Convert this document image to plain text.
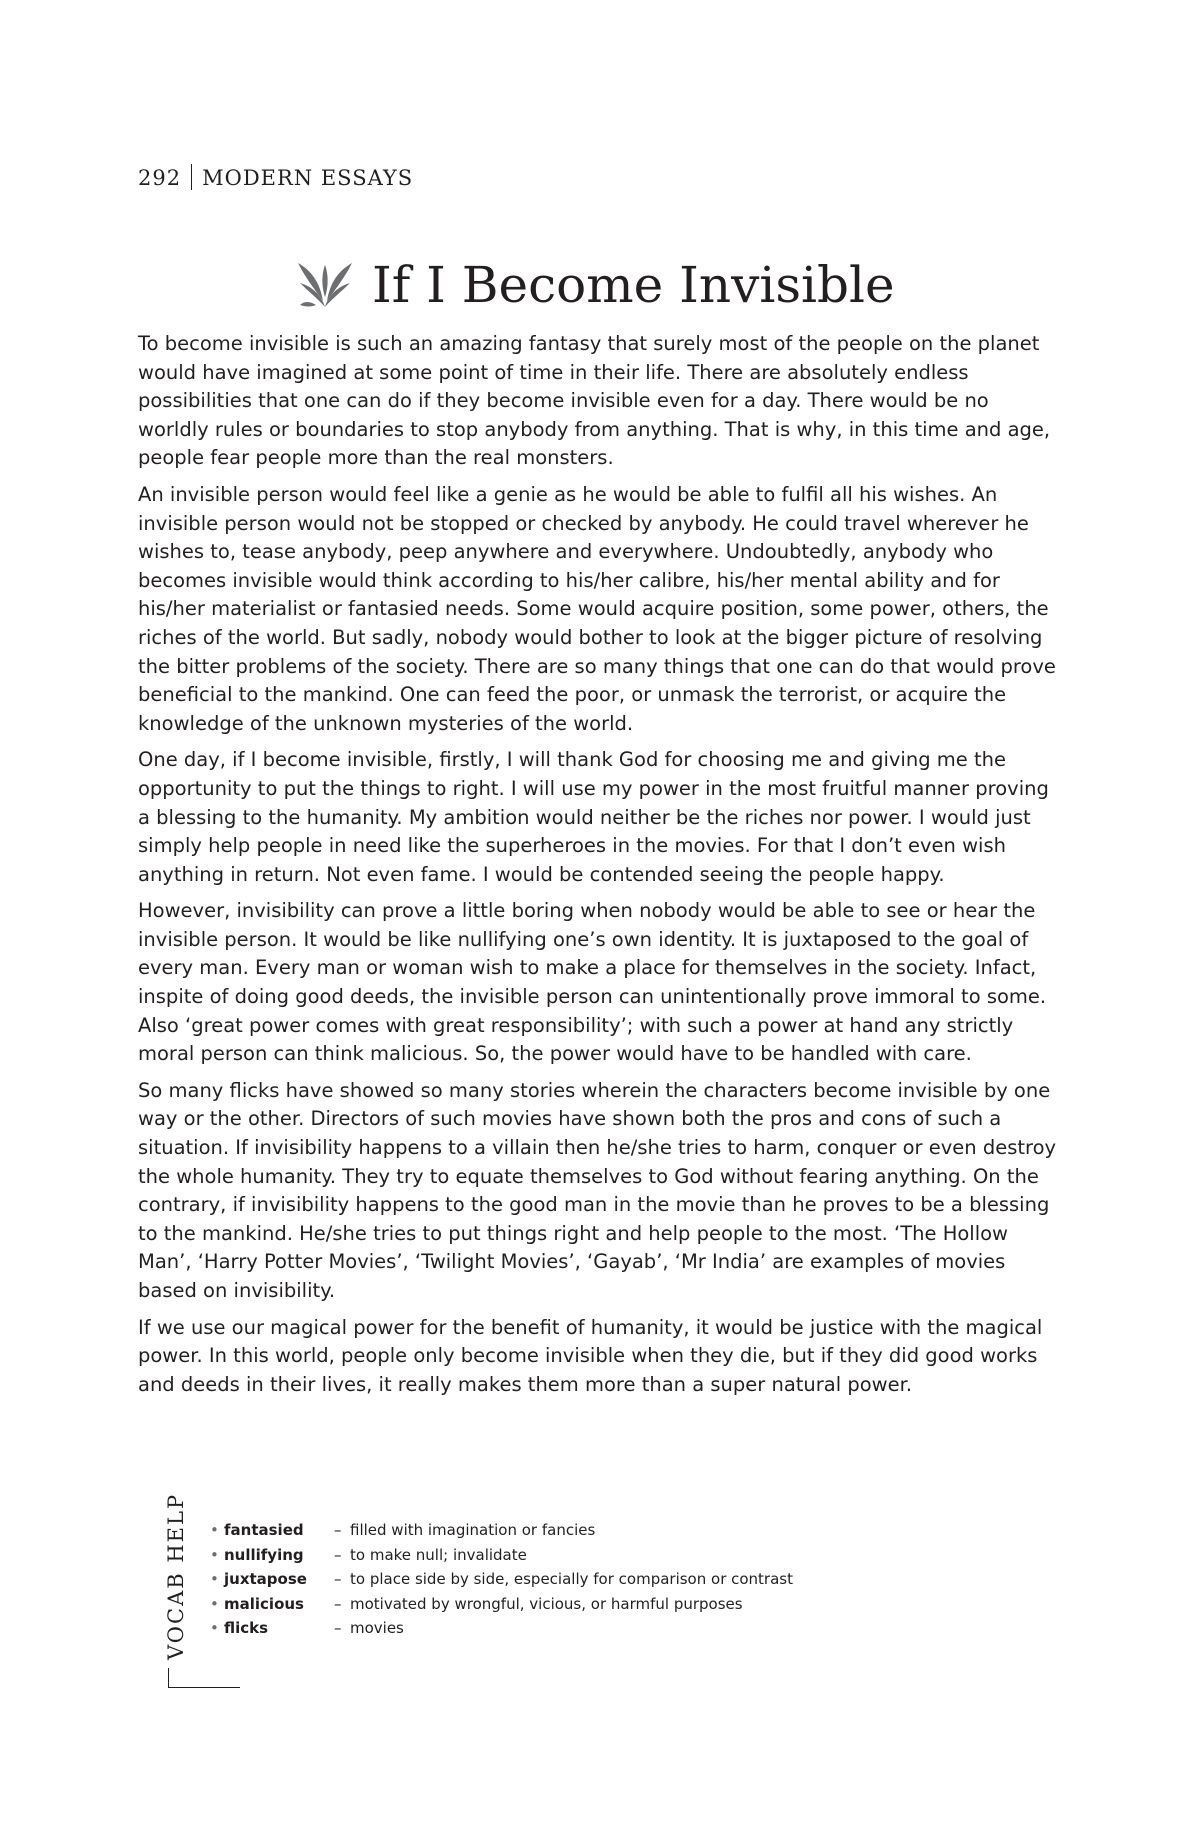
292 MODERN ESSAYS
If I Become Invisible

To become invisible is such an amazing fantasy that surely most of the people on the planet would have imagined at some point of time in their life. There are absolutely endless possibilities that one can do if they become invisible even for a day. There would be no worldly rules or boundaries to stop anybody from anything. That is why, in this time and age, people fear people more than the real monsters.

An invisible person would feel like a genie as he would be able to fulfil all his wishes. An invisible person would not be stopped or checked by anybody. He could travel wherever he wishes to, tease anybody, peep anywhere and everywhere. Undoubtedly, anybody who becomes invisible would think according to his/her calibre, his/her mental ability and for his/her materialist or fantasied needs. Some would acquire position, some power, others, the riches of the world. But sadly, nobody would bother to look at the bigger picture of resolving the bitter problems of the society. There are so many things that one can do that would prove beneficial to the mankind. One can feed the poor, or unmask the terrorist, or acquire the knowledge of the unknown mysteries of the world.

One day, if I become invisible, firstly, I will thank God for choosing me and giving me the opportunity to put the things to right. I will use my power in the most fruitful manner proving a blessing to the humanity. My ambition would neither be the riches nor power. I would just simply help people in need like the superheroes in the movies. For that I don’t even wish anything in return. Not even fame. I would be contended seeing the people happy.

However, invisibility can prove a little boring when nobody would be able to see or hear the invisible person. It would be like nullifying one’s own identity. It is juxtaposed to the goal of every man. Every man or woman wish to make a place for themselves in the society. Infact, inspite of doing good deeds, the invisible person can unintentionally prove immoral to some. Also ‘great power comes with great responsibility’; with such a power at hand any strictly moral person can think malicious. So, the power would have to be handled with care.

So many flicks have showed so many stories wherein the characters become invisible by one way or the other. Directors of such movies have shown both the pros and cons of such a situation. If invisibility happens to a villain then he/she tries to harm, conquer or even destroy the whole humanity. They try to equate themselves to God without fearing anything. On the contrary, if invisibility happens to the good man in the movie than he proves to be a blessing to the mankind. He/she tries to put things right and help people to the most. ‘The Hollow Man’, ‘Harry Potter Movies’, ‘Twilight Movies’, ‘Gayab’, ‘Mr India’ are examples of movies based on invisibility.

If we use our magical power for the benefit of humanity, it would be justice with the magical power. In this world, people only become invisible when they die, but if they did good works and deeds in their lives, it really makes them more than a super natural power.

VOCAB HELP • fantasied	– filled with imagination or fancies
• nullifying	– to make null; invalidate
• juxtapose	– to place side by side, especially for comparison or contrast
• malicious	– motivated by wrongful, vicious, or harmful purposes
• flicks	– movies
